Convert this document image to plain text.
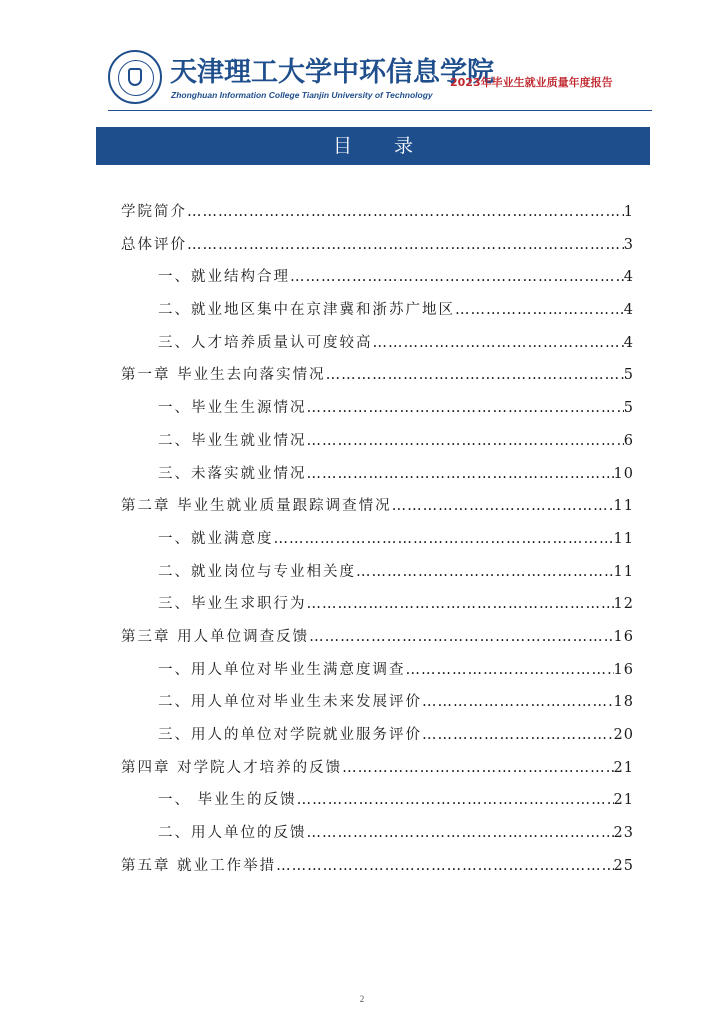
天津理工大学中环信息学院
Zhonghuan Information College Tianjin University of Technology
2023年毕业生就业质量年度报告
目 录
学院简介 …………………………………………………………………………………………………………………………………………………………	1
总体评价 …………………………………………………………………………………………………………………………………………………………	3
一、就业结构合理 …………………………………………………………………………………………………………………………………………………………	4
二、就业地区集中在京津冀和浙苏广地区 …………………………………………………………………………………………………………………………………………………………	4
三、人才培养质量认可度较高 …………………………………………………………………………………………………………………………………………………………	4
第一章 毕业生去向落实情况 …………………………………………………………………………………………………………………………………………………………	5
一、毕业生生源情况 …………………………………………………………………………………………………………………………………………………………	5
二、毕业生就业情况 …………………………………………………………………………………………………………………………………………………………	6
三、未落实就业情况 …………………………………………………………………………………………………………………………………………………………	10
第二章 毕业生就业质量跟踪调查情况 …………………………………………………………………………………………………………………………………………………………	11
一、就业满意度 …………………………………………………………………………………………………………………………………………………………	11
二、就业岗位与专业相关度 …………………………………………………………………………………………………………………………………………………………	11
三、毕业生求职行为 …………………………………………………………………………………………………………………………………………………………	12
第三章 用人单位调查反馈 …………………………………………………………………………………………………………………………………………………………	16
一、用人单位对毕业生满意度调查 …………………………………………………………………………………………………………………………………………………………	16
二、用人单位对毕业生未来发展评价 …………………………………………………………………………………………………………………………………………………………	18
三、用人的单位对学院就业服务评价 …………………………………………………………………………………………………………………………………………………………	20
第四章 对学院人才培养的反馈 …………………………………………………………………………………………………………………………………………………………	21
一、 毕业生的反馈 …………………………………………………………………………………………………………………………………………………………	21
二、用人单位的反馈 …………………………………………………………………………………………………………………………………………………………	23
第五章 就业工作举措 …………………………………………………………………………………………………………………………………………………………	25
2
